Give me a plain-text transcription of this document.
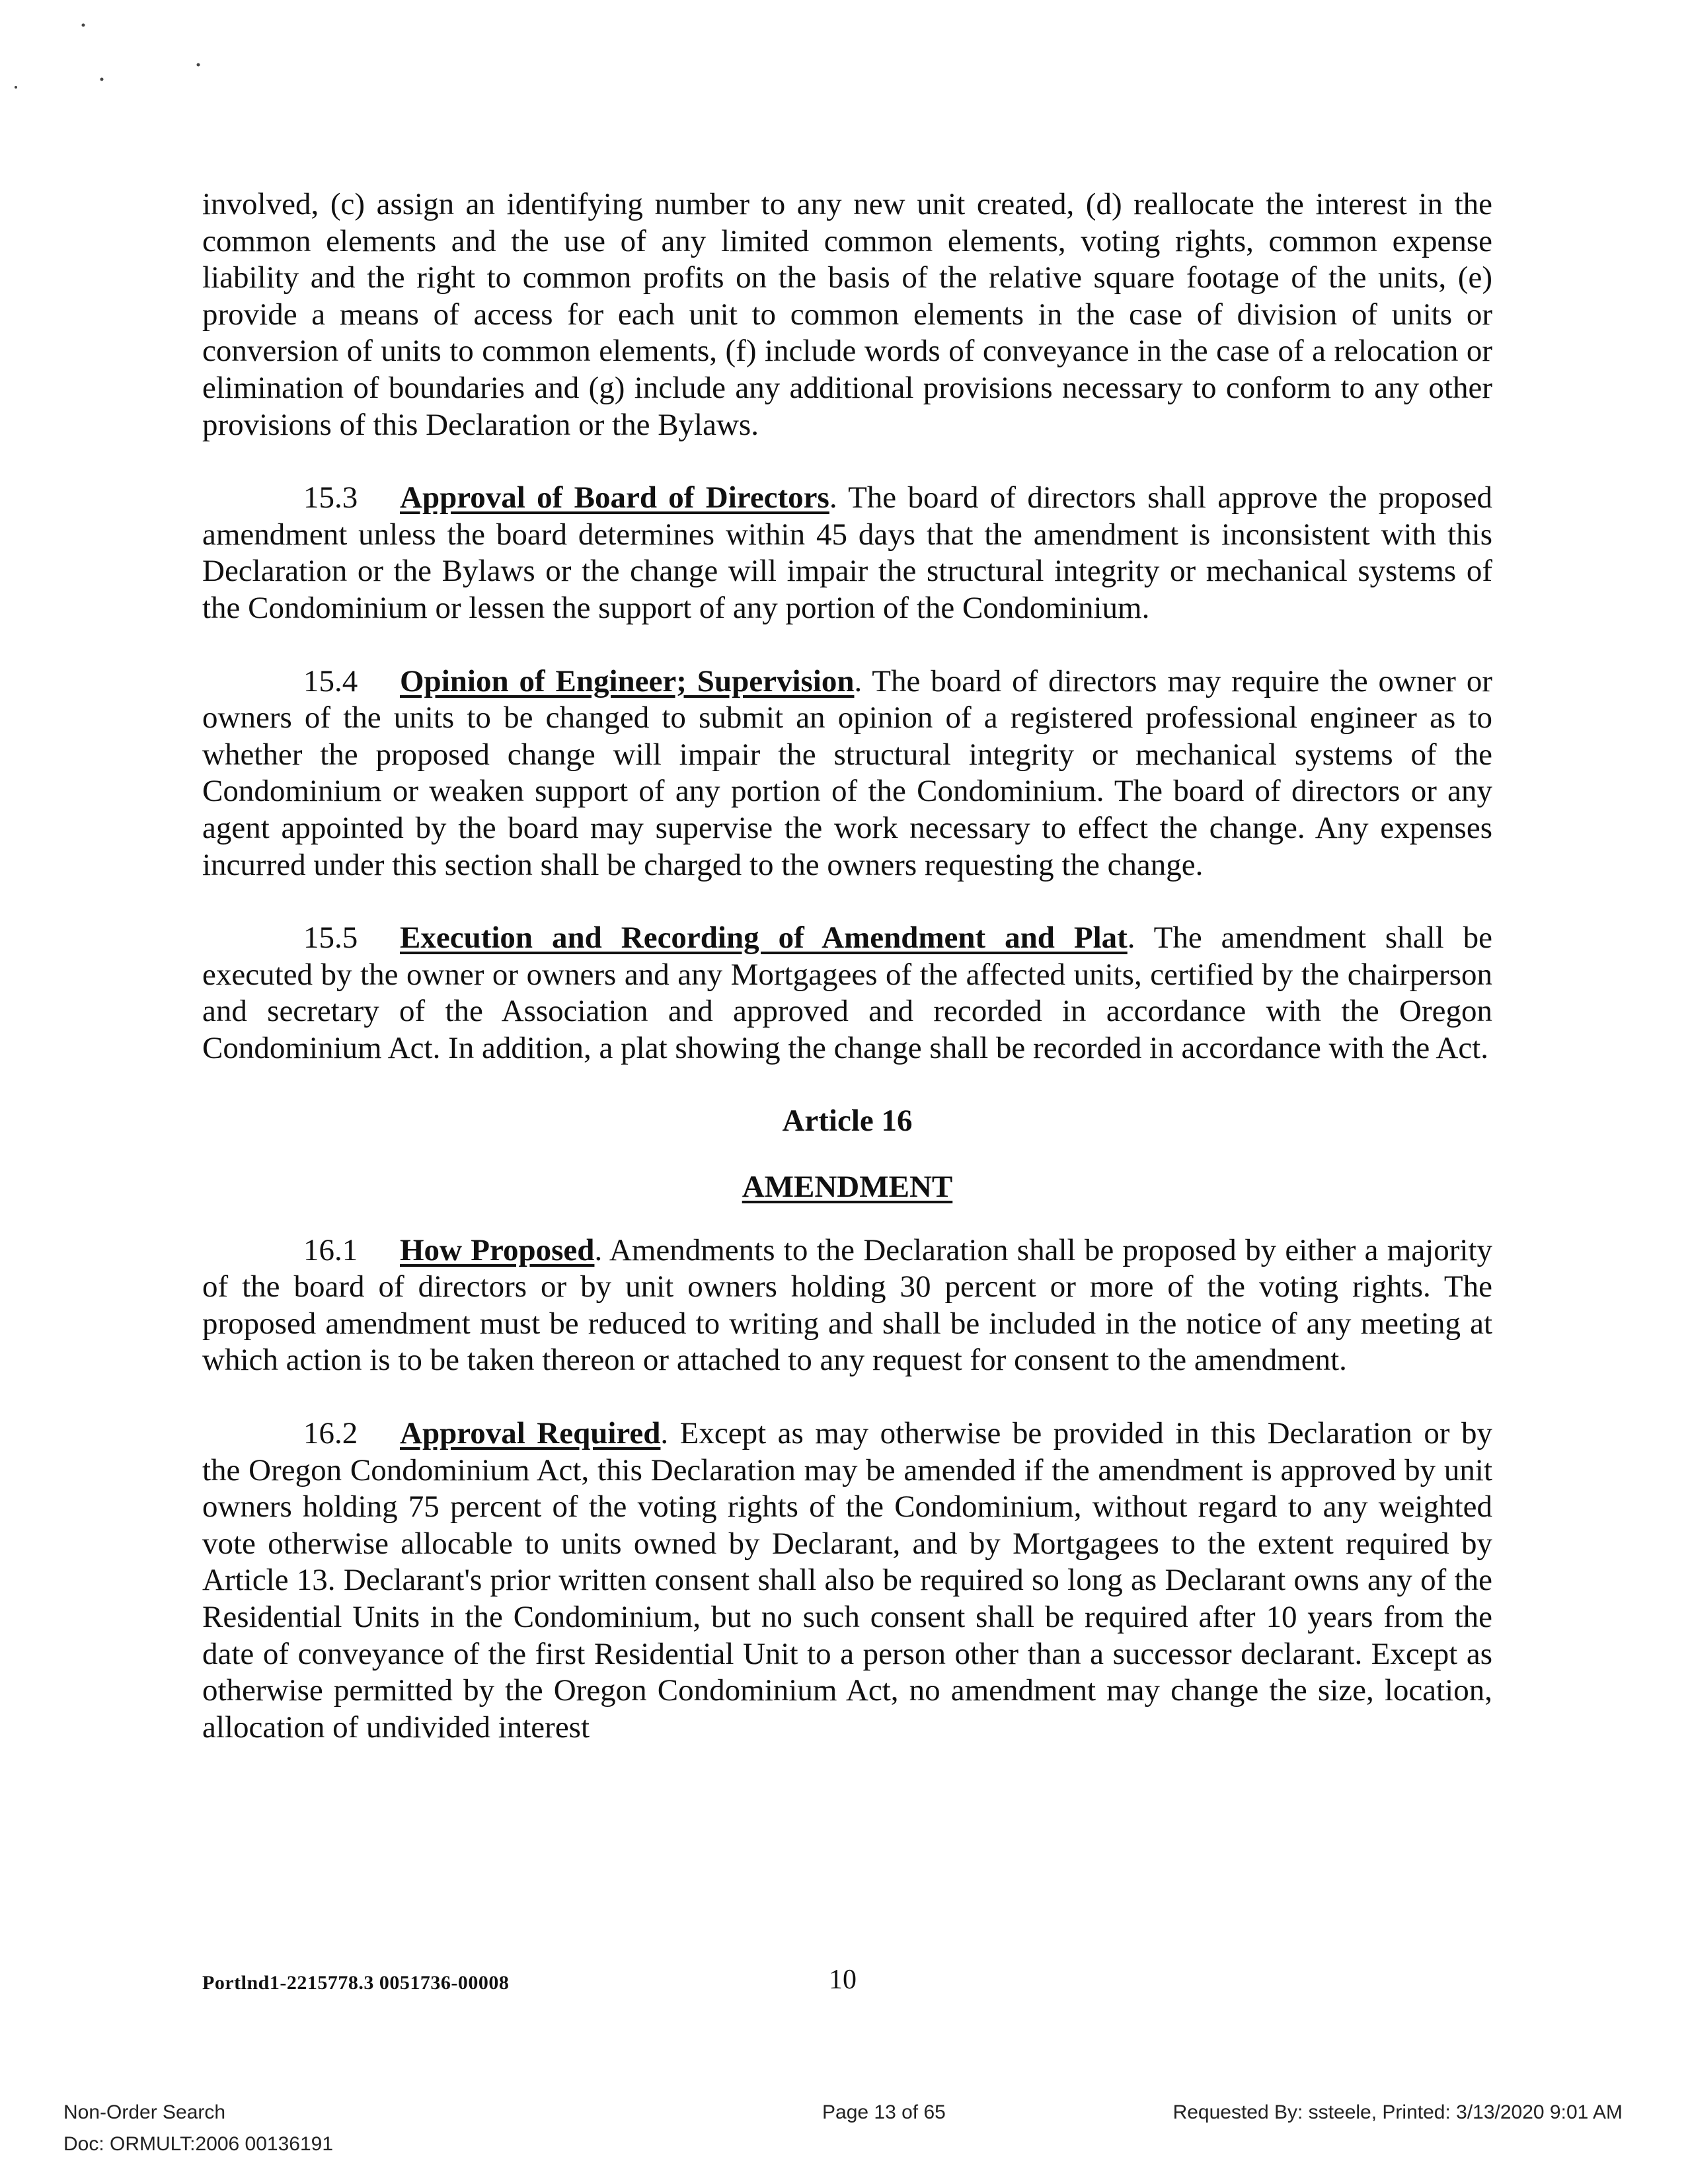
involved, (c) assign an identifying number to any new unit created, (d) reallocate the interest in the common elements and the use of any limited common elements, voting rights, common expense liability and the right to common profits on the basis of the relative square footage of the units, (e) provide a means of access for each unit to common elements in the case of division of units or conversion of units to common elements, (f) include words of conveyance in the case of a relocation or elimination of boundaries and (g) include any additional provisions necessary to conform to any other provisions of this Declaration or the Bylaws.

15.3 Approval of Board of Directors. The board of directors shall approve the proposed amendment unless the board determines within 45 days that the amendment is inconsistent with this Declaration or the Bylaws or the change will impair the structural integrity or mechanical systems of the Condominium or lessen the support of any portion of the Condominium.

15.4 Opinion of Engineer; Supervision. The board of directors may require the owner or owners of the units to be changed to submit an opinion of a registered professional engineer as to whether the proposed change will impair the structural integrity or mechanical systems of the Condominium or weaken support of any portion of the Condominium. The board of directors or any agent appointed by the board may supervise the work necessary to effect the change. Any expenses incurred under this section shall be charged to the owners requesting the change.

15.5 Execution and Recording of Amendment and Plat. The amendment shall be executed by the owner or owners and any Mortgagees of the affected units, certified by the chairperson and secretary of the Association and approved and recorded in accordance with the Oregon Condominium Act. In addition, a plat showing the change shall be recorded in accordance with the Act.

Article 16
AMENDMENT

16.1 How Proposed. Amendments to the Declaration shall be proposed by either a majority of the board of directors or by unit owners holding 30 percent or more of the voting rights. The proposed amendment must be reduced to writing and shall be included in the notice of any meeting at which action is to be taken thereon or attached to any request for consent to the amendment.

16.2 Approval Required. Except as may otherwise be provided in this Declaration or by the Oregon Condominium Act, this Declaration may be amended if the amendment is approved by unit owners holding 75 percent of the voting rights of the Condominium, without regard to any weighted vote otherwise allocable to units owned by Declarant, and by Mortgagees to the extent required by Article 13. Declarant's prior written consent shall also be required so long as Declarant owns any of the Residential Units in the Condominium, but no such consent shall be required after 10 years from the date of conveyance of the first Residential Unit to a person other than a successor declarant. Except as otherwise permitted by the Oregon Condominium Act, no amendment may change the size, location, allocation of undivided interest

Portlnd1-2215778.3 0051736-00008	10
Non-Order Search
Doc: ORMULT:2006 00136191
Page 13 of 65	Requested By: ssteele, Printed: 3/13/2020 9:01 AM
